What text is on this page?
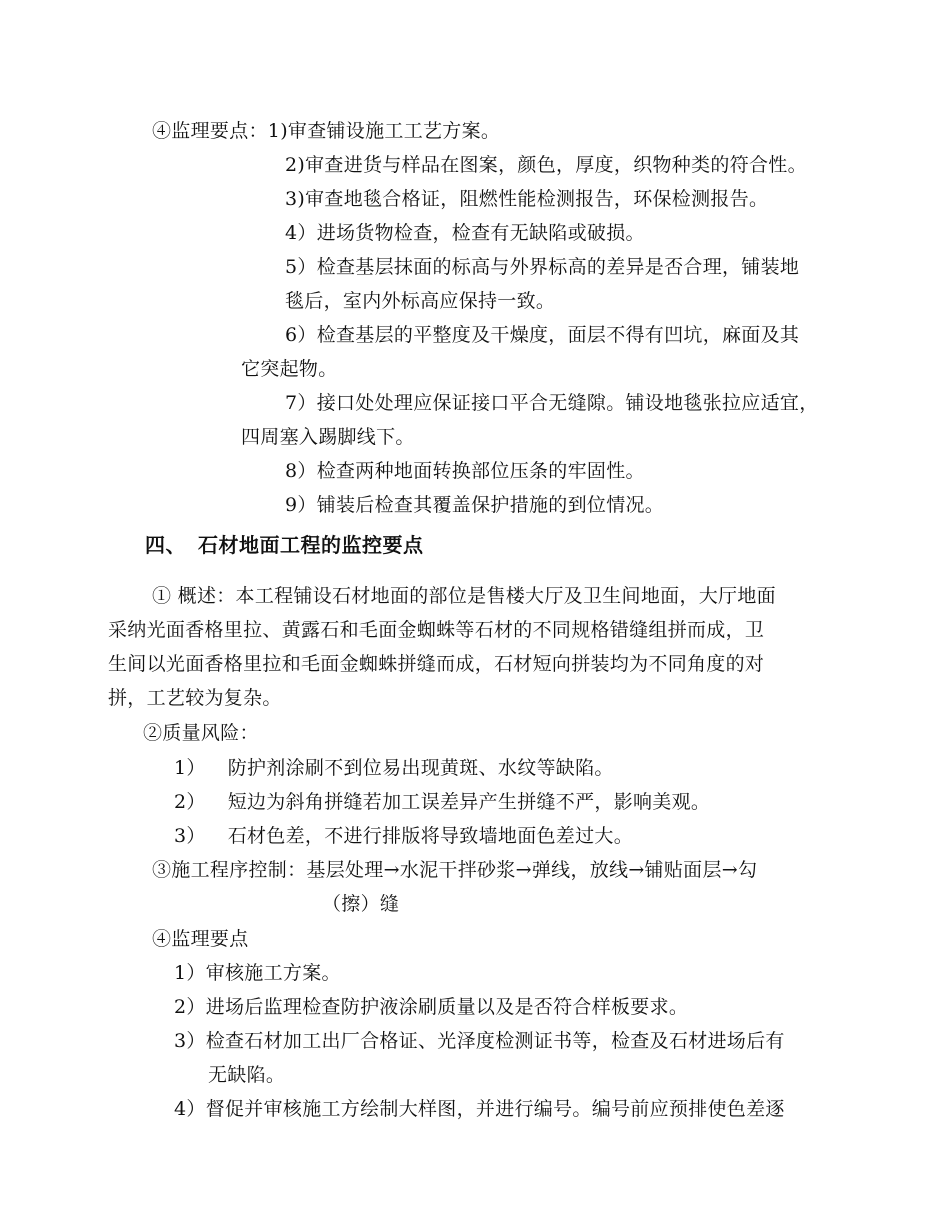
④监理要点：1)审查铺设施工工艺方案。
2)审查进货与样品在图案，颜色，厚度，织物种类的符合性。
3)审查地毯合格证，阻燃性能检测报告，环保检测报告。
4）进场货物检查，检查有无缺陷或破损。
5）检查基层抹面的标高与外界标高的差异是否合理，铺装地
毯后，室内外标高应保持一致。
6）检查基层的平整度及干燥度，面层不得有凹坑，麻面及其
它突起物。
7）接口处处理应保证接口平合无缝隙。铺设地毯张拉应适宜，
四周塞入踢脚线下。
8）检查两种地面转换部位压条的牢固性。
9）铺装后检查其覆盖保护措施的到位情况。
四、 石材地面工程的监控要点
① 概述：本工程铺设石材地面的部位是售楼大厅及卫生间地面，大厅地面
采纳光面香格里拉、黄露石和毛面金蜘蛛等石材的不同规格错缝组拼而成，卫
生间以光面香格里拉和毛面金蜘蛛拼缝而成，石材短向拼装均为不同角度的对
拼，工艺较为复杂。
②质量风险：
1） 防护剂涂刷不到位易出现黄斑、水纹等缺陷。
2） 短边为斜角拼缝若加工误差异产生拼缝不严，影响美观。
3） 石材色差，不进行排版将导致墙地面色差过大。
③施工程序控制：基层处理→水泥干拌砂浆→弹线，放线→铺贴面层→勾
（擦）缝
④监理要点
1）审核施工方案。
2）进场后监理检查防护液涂刷质量以及是否符合样板要求。
3）检查石材加工出厂合格证、光泽度检测证书等，检查及石材进场后有
无缺陷。
4）督促并审核施工方绘制大样图，并进行编号。编号前应预排使色差逐
